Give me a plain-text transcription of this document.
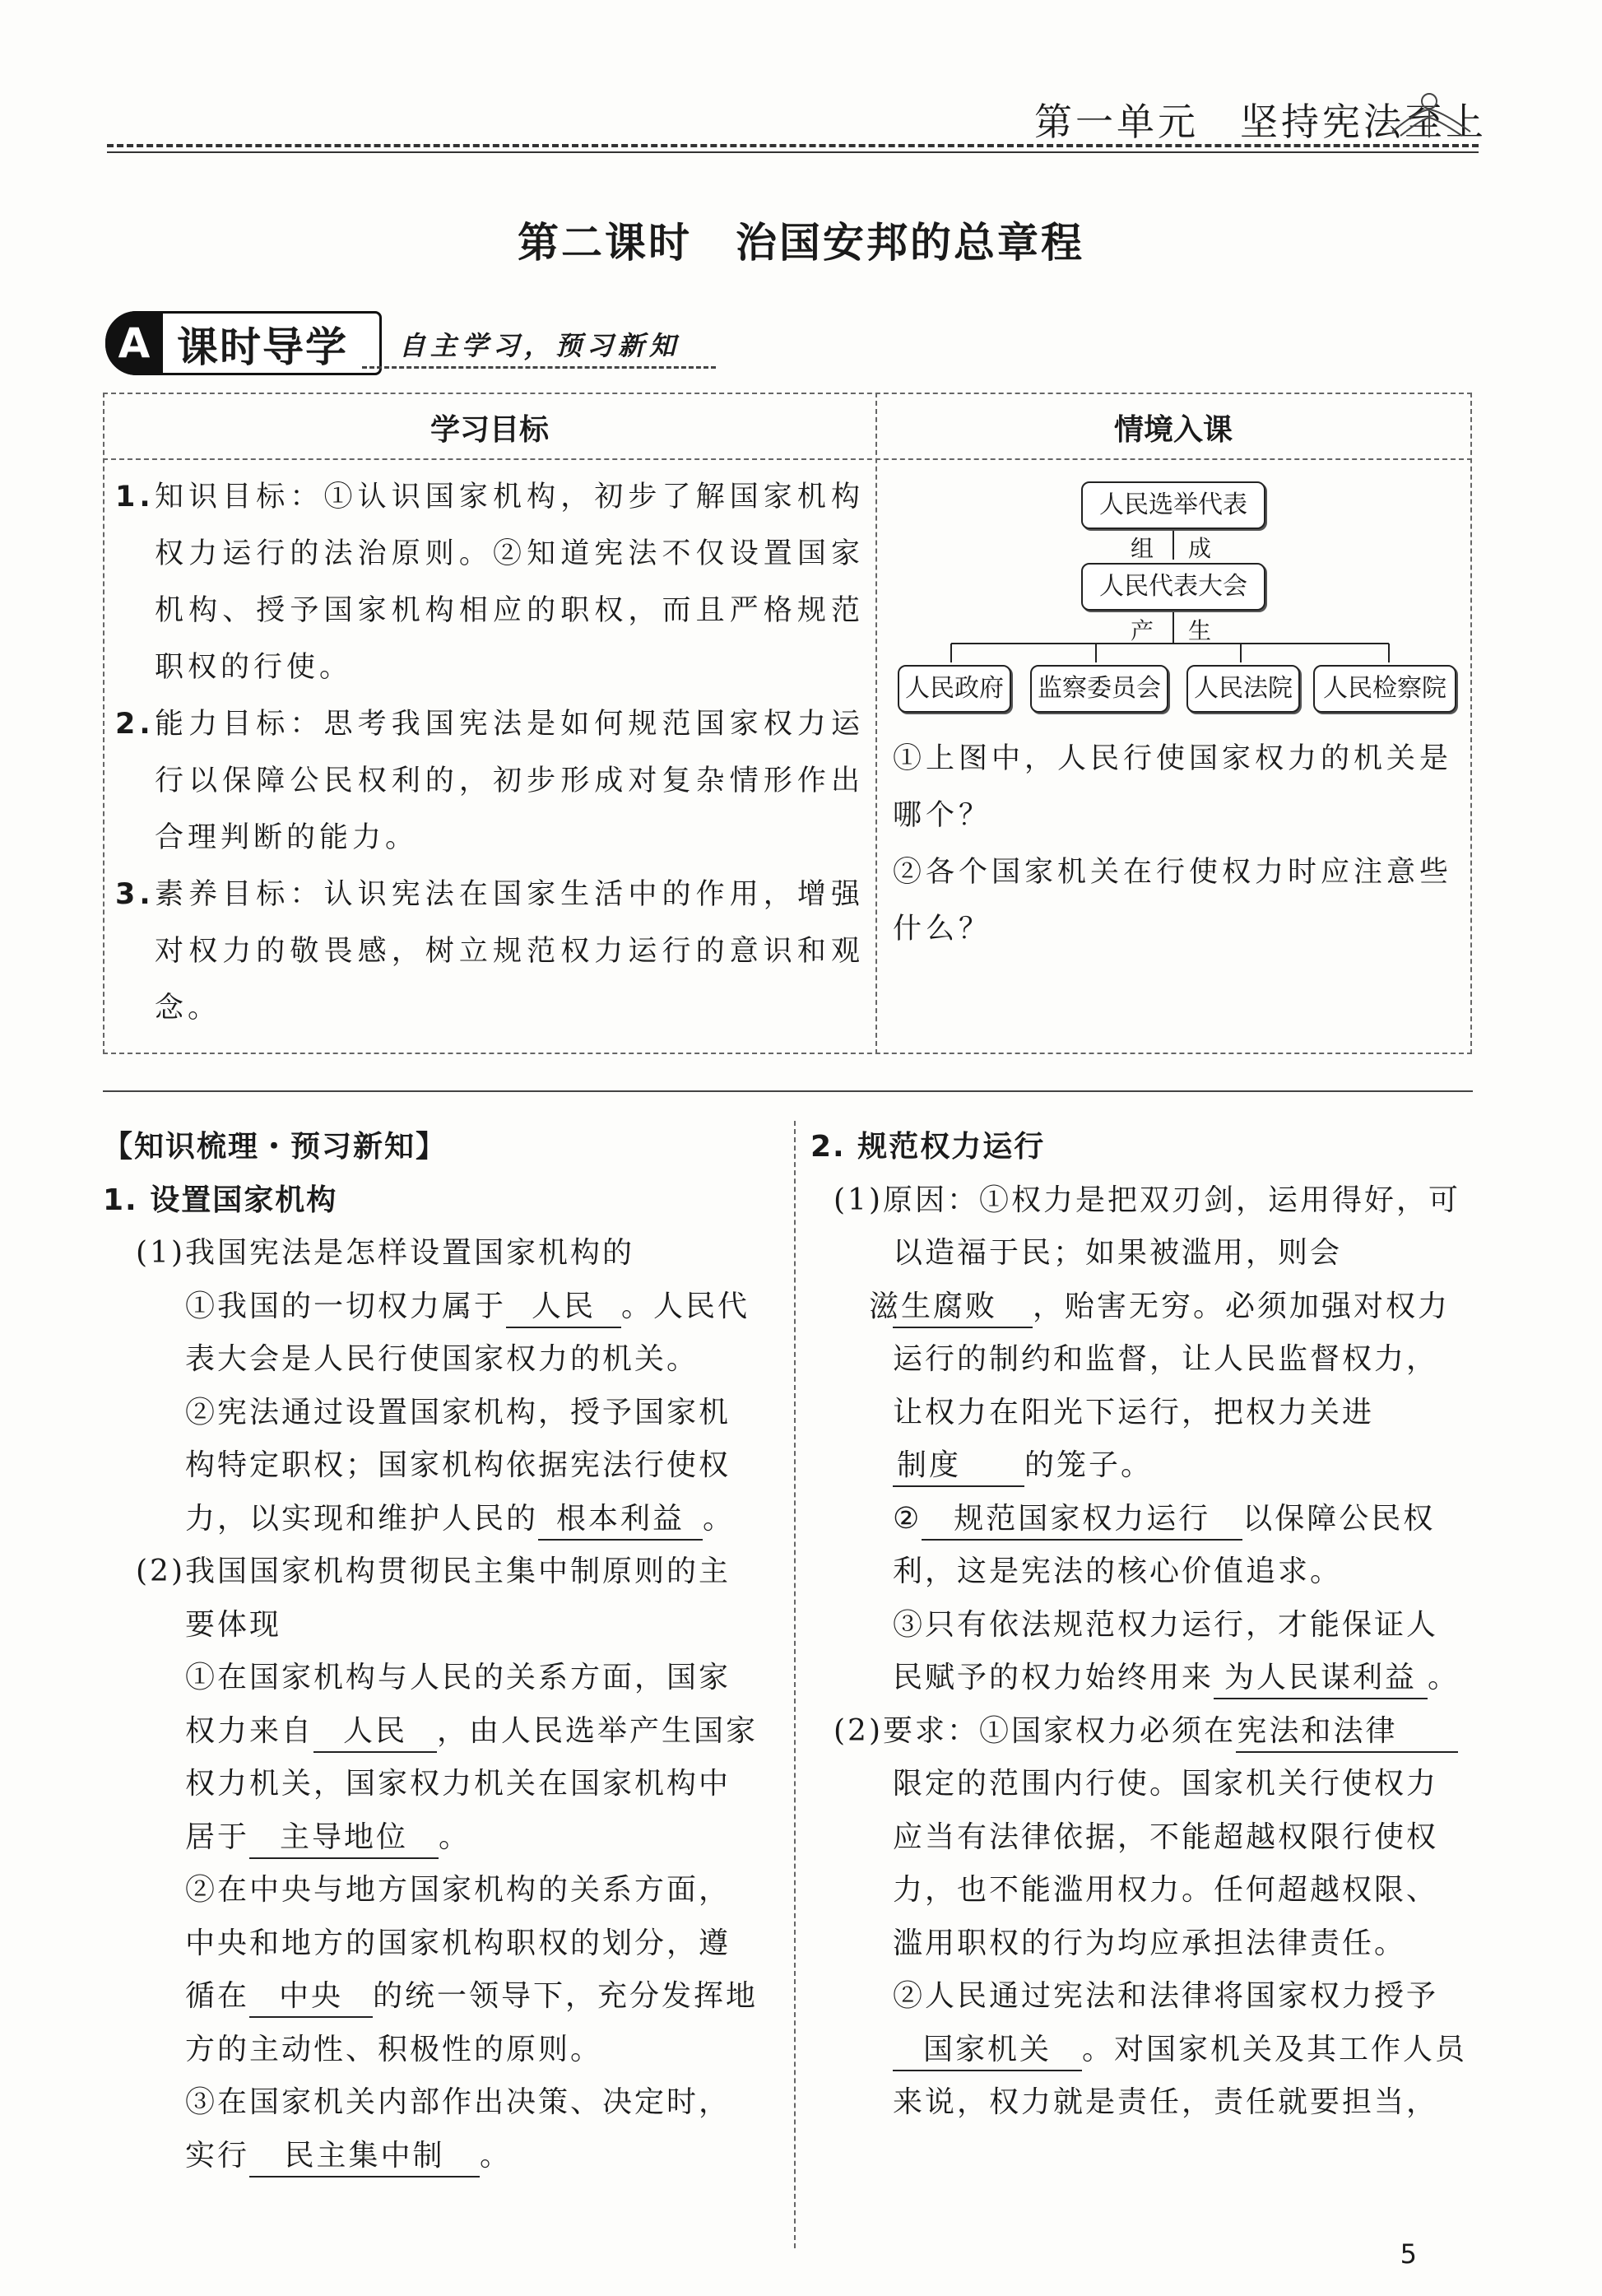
第一单元　坚持宪法至上
第二课时　治国安邦的总章程
A 课时导学 自主学习，预习新知
学习目标	情境入课
1. 知识目标：①认识国家机构，初步了解国家机构权力运行的法治原则。②知道宪法不仅设置国家机构、授予国家机构相应的职权，而且严格规范职权的行使。
2. 能力目标：思考我国宪法是如何规范国家权力运行以保障公民权利的，初步形成对复杂情形作出合理判断的能力。
3. 素养目标：认识宪法在国家生活中的作用，增强对权力的敬畏感，树立规范权力运行的意识和观念。
人民选举代表
组 成
人民代表大会
产 生
人民政府	监察委员会	人民法院	人民检察院
①上图中，人民行使国家权力的机关是哪个？
②各个国家机关在行使权力时应注意些什么？
【知识梳理・预习新知】
1. 设置国家机构
(1)我国宪法是怎样设置国家机构的
①我国的一切权力属于 人民 。人民代表大会是人民行使国家权力的机关。
②宪法通过设置国家机构，授予国家机构特定职权；国家机构依据宪法行使权力，以实现和维护人民的 根本利益 。
(2)我国国家机构贯彻民主集中制原则的主要体现
①在国家机构与人民的关系方面，国家权力来自 人民 ，由人民选举产生国家权力机关，国家权力机关在国家机构中居于 主导地位 。
②在中央与地方国家机构的关系方面，中央和地方的国家机构职权的划分，遵循在 中央 的统一领导下，充分发挥地方的主动性、积极性的原则。
③在国家机关内部作出决策、决定时，实行 民主集中制 。
2. 规范权力运行
(1)原因：①权力是把双刃剑，运用得好，可以造福于民；如果被滥用，则会滋生腐败 ，贻害无穷。必须加强对权力运行的制约和监督，让人民监督权力，让权力在阳光下运行，把权力关进制度 的笼子。
② 规范国家权力运行 以保障公民权利，这是宪法的核心价值追求。
③只有依法规范权力运行，才能保证人民赋予的权力始终用来 为人民谋利益 。
(2)要求：①国家权力必须在宪法和法律限定的范围内行使。国家机关行使权力应当有法律依据，不能超越权限行使权力，也不能滥用权力。任何超越权限、滥用职权的行为均应承担法律责任。
②人民通过宪法和法律将国家权力授予国家机关 。对国家机关及其工作人员来说，权力就是责任，责任就要担当，
5
